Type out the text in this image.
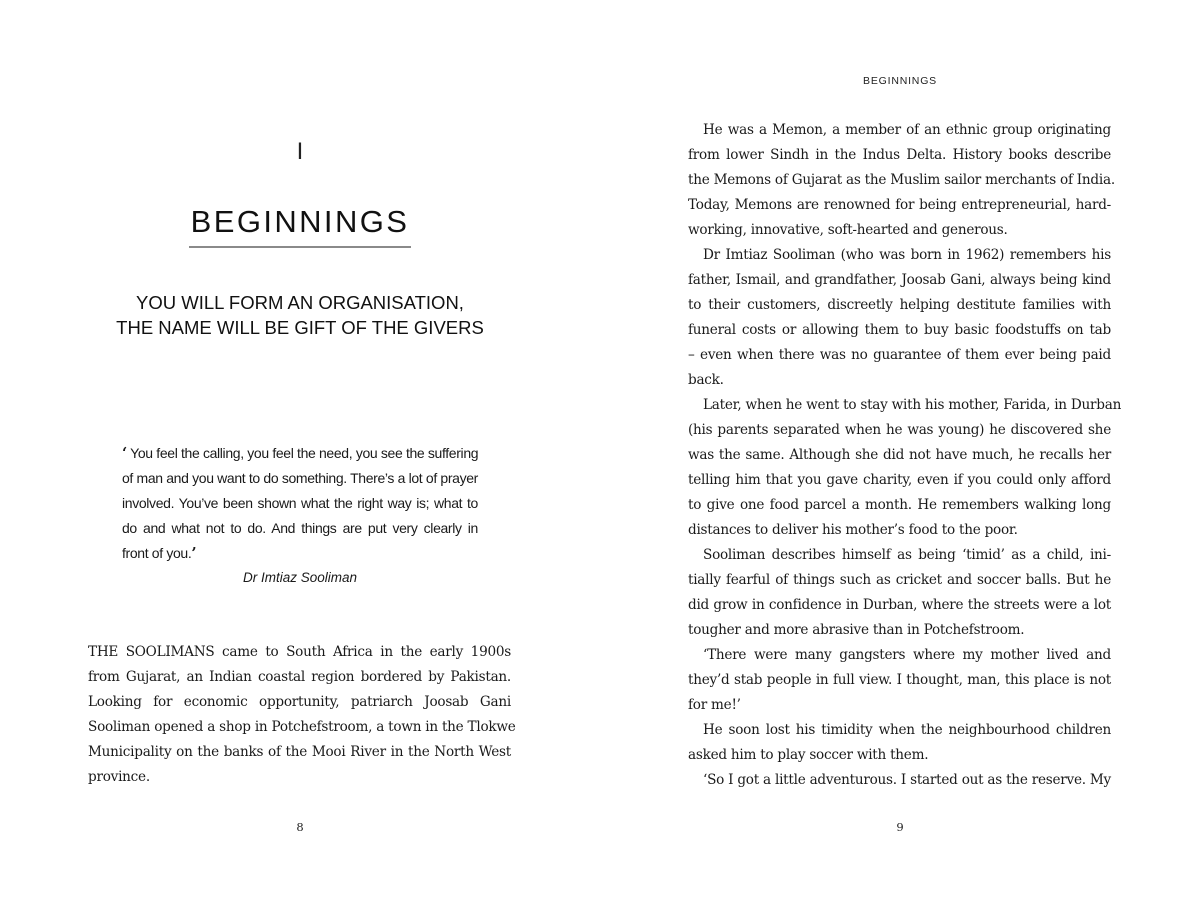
I
BEGINNINGS
YOU WILL FORM AN ORGANISATION,
THE NAME WILL BE GIFT OF THE GIVERS
‘ You feel the calling, you feel the need, you see the suffering
of man and you want to do something. There’s a lot of prayer
involved. You’ve been shown what the right way is; what to
do and what not to do. And things are put very clearly in
front of you.’
Dr Imtiaz Sooliman
THE SOOLIMANS came to South Africa in the early 1900s
from Gujarat, an Indian coastal region bordered by Pakistan.
Looking for economic opportunity, patriarch Joosab Gani
Sooliman opened a shop in Potchefstroom, a town in the Tlokwe
Municipality on the banks of the Mooi River in the North West
province.
8
BEGINNINGS
He was a Memon, a member of an ethnic group originating
from lower Sindh in the Indus Delta. History books describe
the Memons of Gujarat as the Muslim sailor merchants of India.
Today, Memons are renowned for being entrepreneurial, hard-
working, innovative, soft-hearted and generous.
Dr Imtiaz Sooliman (who was born in 1962) remembers his
father, Ismail, and grandfather, Joosab Gani, always being kind
to their customers, discreetly helping destitute families with
funeral costs or allowing them to buy basic foodstuffs on tab
– even when there was no guarantee of them ever being paid
back.
Later, when he went to stay with his mother, Farida, in Durban
(his parents separated when he was young) he discovered she
was the same. Although she did not have much, he recalls her
telling him that you gave charity, even if you could only afford
to give one food parcel a month. He remembers walking long
distances to deliver his mother’s food to the poor.
Sooliman describes himself as being ‘timid’ as a child, ini-
tially fearful of things such as cricket and soccer balls. But he
did grow in confidence in Durban, where the streets were a lot
tougher and more abrasive than in Potchefstroom.
‘There were many gangsters where my mother lived and
they’d stab people in full view. I thought, man, this place is not
for me!’
He soon lost his timidity when the neighbourhood children
asked him to play soccer with them.
‘So I got a little adventurous. I started out as the reserve. My
9
